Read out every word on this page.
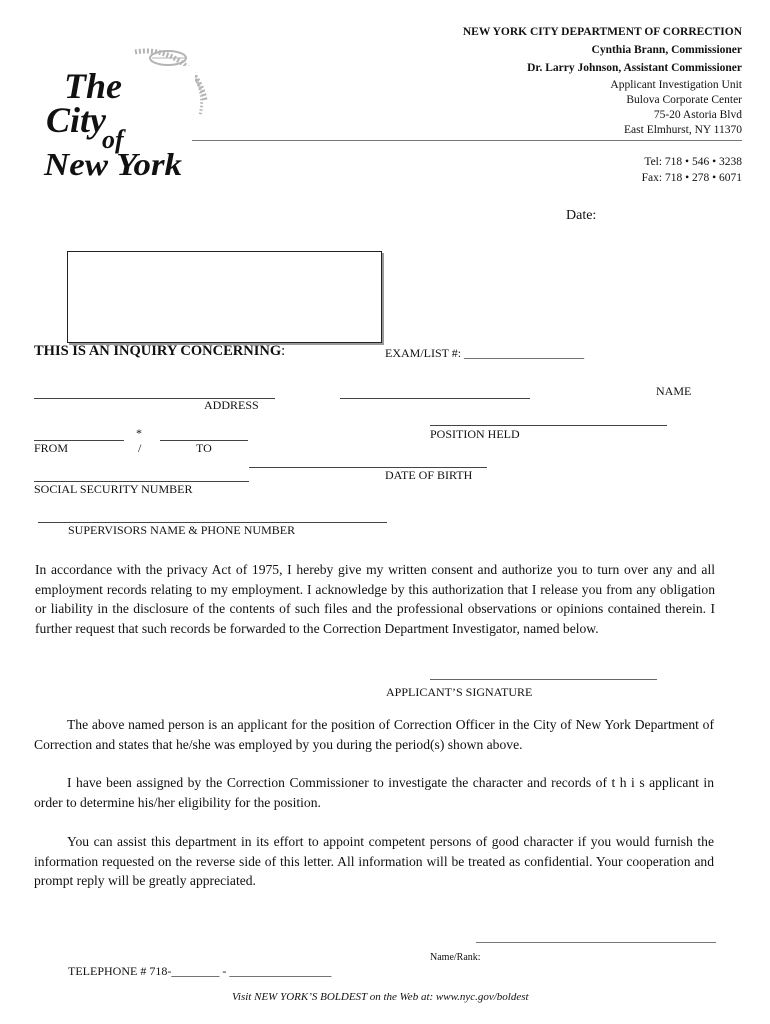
The
City
of
New York
NEW YORK CITY DEPARTMENT OF CORRECTION
Cynthia Brann, Commissioner
Dr. Larry Johnson, Assistant Commissioner
Applicant Investigation Unit
Bulova Corporate Center
75-20 Astoria Blvd
East Elmhurst, NY 11370
Tel: 718 • 546 • 3238
Fax: 718 • 278 • 6071
Date:
THIS IS AN INQUIRY CONCERNING:	EXAM/LIST #: ____________________
NAME
ADDRESS
POSITION HELD
*
FROM	/	TO
DATE OF BIRTH
SOCIAL SECURITY NUMBER
SUPERVISORS NAME & PHONE NUMBER
In accordance with the privacy Act of 1975, I hereby give my written consent and authorize you to turn over any and all employment records relating to my employment. I acknowledge by this authorization that I release you from any obligation or liability in the disclosure of the contents of such files and the professional observations or opinions contained therein. I further request that such records be forwarded to the Correction Department Investigator, named below.
APPLICANT’S SIGNATURE
The above named person is an applicant for the position of Correction Officer in the City of New York Department of Correction and states that he/she was employed by you during the period(s) shown above.
I have been assigned by the Correction Commissioner to investigate the character and records of t h i s applicant in order to determine his/her eligibility for the position.
You can assist this department in its effort to appoint competent persons of good character if you would furnish the information requested on the reverse side of this letter. All information will be treated as confidential. Your cooperation and prompt reply will be greatly appreciated.
Name/Rank:
TELEPHONE # 718-________ - _________________
Visit NEW YORK’S BOLDEST on the Web at: www.nyc.gov/boldest
